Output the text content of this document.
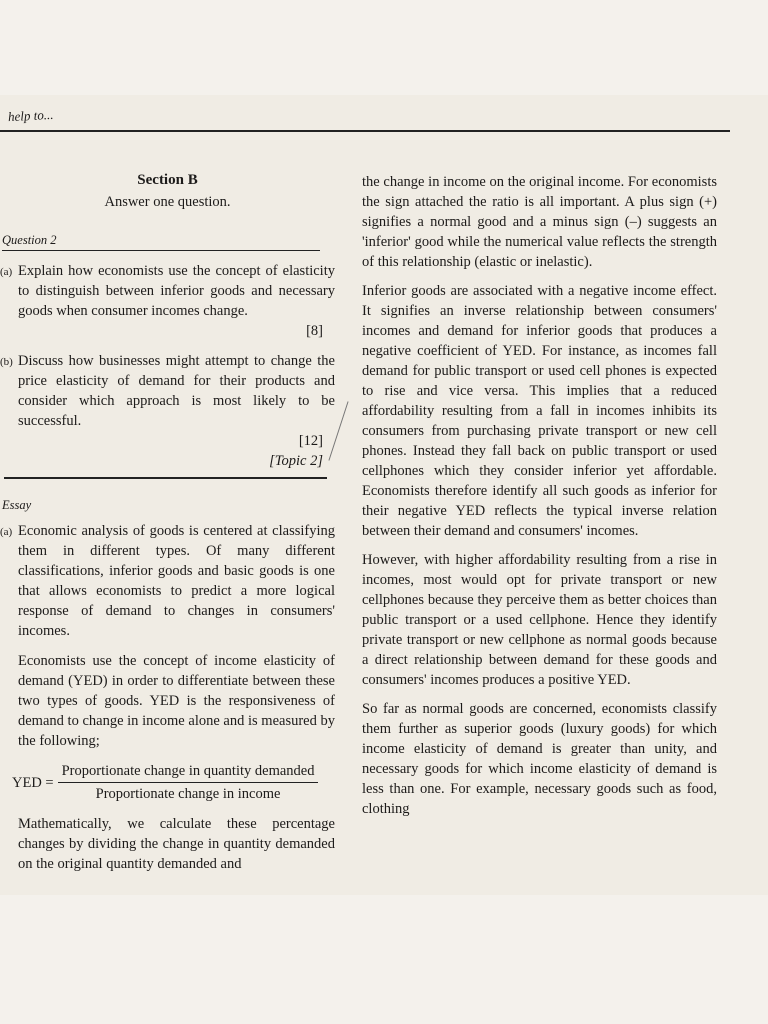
help to...
Section B
Answer one question.
Question 2
(a) Explain how economists use the concept of elasticity to distinguish between inferior goods and necessary goods when consumer incomes change.
[8]
(b) Discuss how businesses might attempt to change the price elasticity of demand for their products and consider which approach is most likely to be successful.
[12]
[Topic 2]
Essay
(a) Economic analysis of goods is centered at classifying them in different types. Of many different classifications, inferior goods and basic goods is one that allows economists to predict a more logical response of demand to changes in consumers' incomes.
Economists use the concept of income elasticity of demand (YED) in order to differentiate between these two types of goods. YED is the responsiveness of demand to change in income alone and is measured by the following;
YED = $\frac{\text{Proportionate change in quantity demanded}}{\text{Proportionate change in income}}$
Mathematically, we calculate these percentage changes by dividing the change in quantity demanded on the original quantity demanded and
the change in income on the original income. For economists the sign attached the ratio is all important. A plus sign (+) signifies a normal good and a minus sign (–) suggests an 'inferior' good while the numerical value reflects the strength of this relationship (elastic or inelastic).
Inferior goods are associated with a negative income effect. It signifies an inverse relationship between consumers' incomes and demand for inferior goods that produces a negative coefficient of YED. For instance, as incomes fall demand for public transport or used cell phones is expected to rise and vice versa. This implies that a reduced affordability resulting from a fall in incomes inhibits its consumers from purchasing private transport or new cell phones. Instead they fall back on public transport or used cellphones which they consider inferior yet affordable. Economists therefore identify all such goods as inferior for their negative YED reflects the typical inverse relation between their demand and consumers' incomes.
However, with higher affordability resulting from a rise in incomes, most would opt for private transport or new cellphones because they perceive them as better choices than public transport or a used cellphone. Hence they identify private transport or new cellphone as normal goods because a direct relationship between demand for these goods and consumers' incomes produces a positive YED.
So far as normal goods are concerned, economists classify them further as superior goods (luxury goods) for which income elasticity of demand is greater than unity, and necessary goods for which income elasticity of demand is less than one. For example, necessary goods such as food, clothing
